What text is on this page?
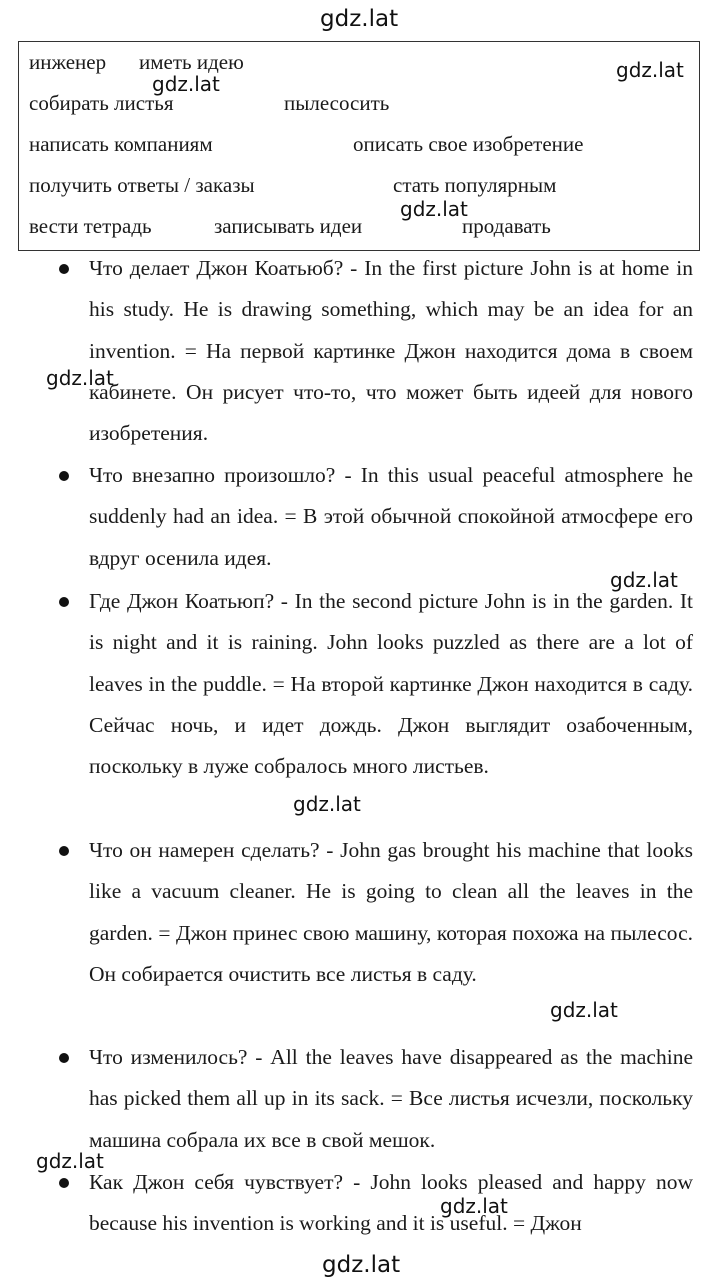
gdz.lat
инженер иметь идею
собирать листья	пылесосить
написать компаниям	описать свое изобретение
получить ответы / заказы	стать популярным
вести тетрадь	записывать идеи	продавать

Что делает Джон Коатьюб? - In the first picture John is at home in his study. He is drawing something, which may be an idea for an invention. = На первой картинке Джон находится дома в своем кабинете. Он рисует что-то, что может быть идеей для нового изобретения.

Что внезапно произошло? - In this usual peaceful atmosphere he suddenly had an idea. = В этой обычной спокойной атмосфере его вдруг осенила идея.

Где Джон Коатьюп? - In the second picture John is in the garden. It is night and it is raining. John looks puzzled as there are a lot of leaves in the puddle. = На второй картинке Джон находится в саду. Сейчас ночь, и идет дождь. Джон выглядит озабоченным, поскольку в луже собралось много листьев.

Что он намерен сделать? - John gas brought his machine that looks like a vacuum cleaner. He is going to clean all the leaves in the garden. = Джон принес свою машину, которая похожа на пылесос. Он собирается очистить все листья в саду.

Что изменилось? - All the leaves have disappeared as the machine has picked them all up in its sack. = Все листья исчезли, поскольку машина собрала их все в свой мешок.

Как Джон себя чувствует? - John looks pleased and happy now because his invention is working and it is useful. = Джон

gdz.lat
gdz.lat
gdz.lat
gdz.lat
gdz.lat
gdz.lat
gdz.lat
gdz.lat
gdz.lat
gdz.lat
